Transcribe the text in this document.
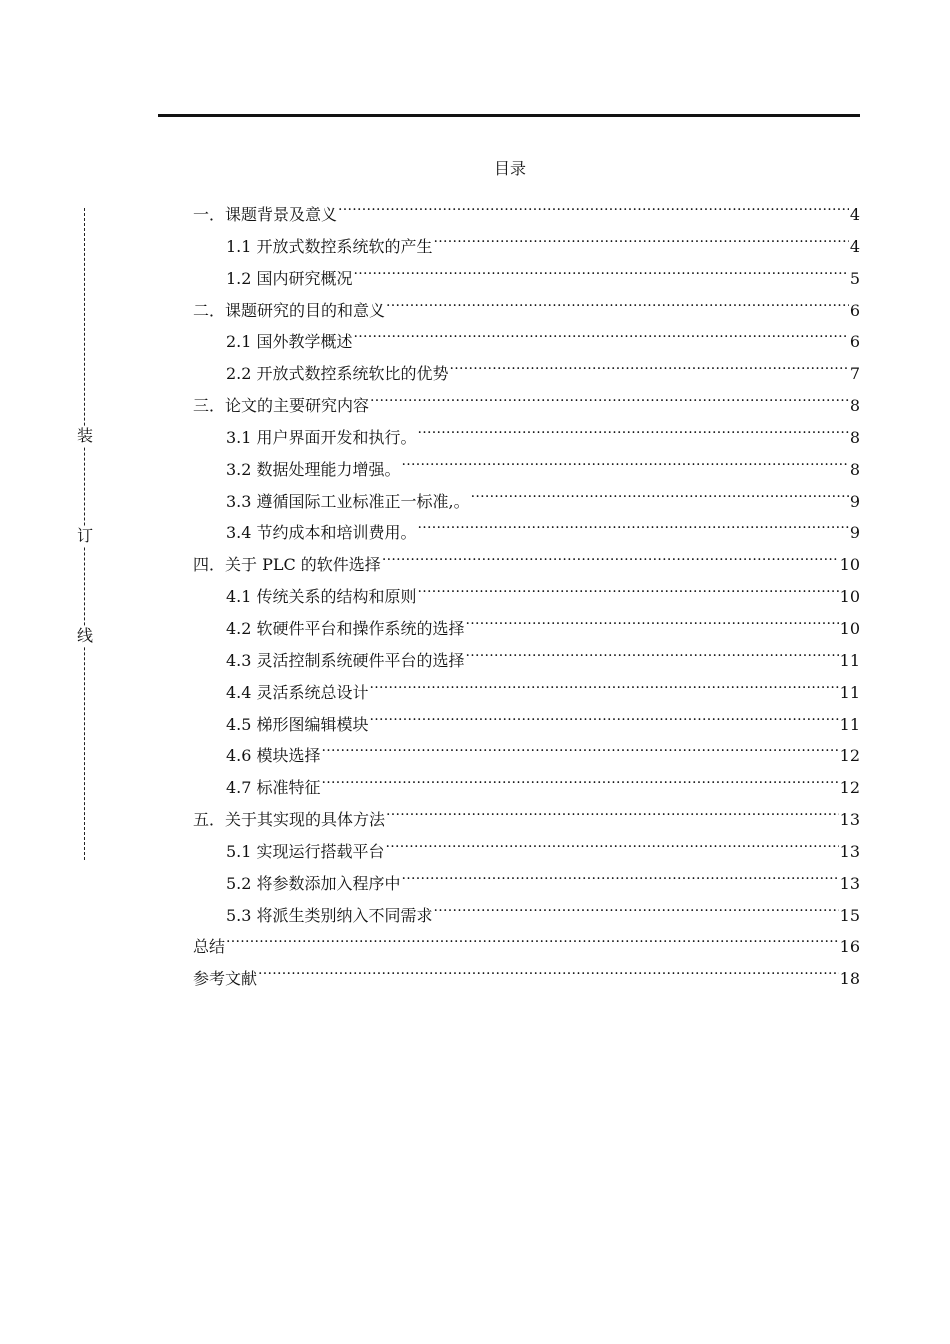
目录
装
订
线
一．课题背景及意义 .....	4
1.1 开放式数控系统软的产生 .....	4
1.2 国内研究概况 .....	5
二．课题研究的目的和意义 .....	6
2.1 国外教学概述 .....	6
2.2 开放式数控系统软比的优势 .....	7
三．论文的主要研究内容 .....	8
3.1 用户界面开发和执行。 .....	8
3.2 数据处理能力增强。 .....	8
3.3 遵循国际工业标准正一标准,。 .....	9
3.4 节约成本和培训费用。 .....	9
四．关于 PLC 的软件选择 .....	10
4.1 传统关系的结构和原则 .....	10
4.2 软硬件平台和操作系统的选择 .....	10
4.3 灵活控制系统硬件平台的选择 .....	11
4.4 灵活系统总设计 .....	11
4.5 梯形图编辑模块 .....	11
4.6 模块选择 .....	12
4.7 标准特征 .....	12
五．关于其实现的具体方法 .....	13
5.1 实现运行搭载平台 .....	13
5.2 将参数添加入程序中 .....	13
5.3 将派生类别纳入不同需求 .....	15
总结 .....	16
参考文献 .....	18
